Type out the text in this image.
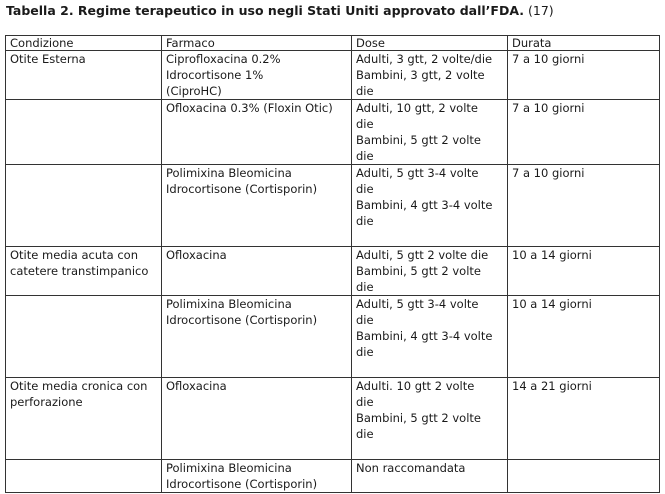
Tabella 2. Regime terapeutico in uso negli Stati Uniti approvato dall’FDA. (17)
Condizione	Farmaco	Dose	Durata

Otite Esterna	Ciprofloxacina 0.2%
Idrocortisone 1%
(CiproHC)	Adulti, 3 gtt, 2 volte/die
Bambini, 3 gtt, 2 volte
die	7 a 10 giorni

	Ofloxacina 0.3% (Floxin Otic)	Adulti, 10 gtt, 2 volte
die
Bambini, 5 gtt 2 volte
die	7 a 10 giorni

	Polimixina Bleomicina
Idrocortisone (Cortisporin)	Adulti, 5 gtt 3-4 volte
die
Bambini, 4 gtt 3-4 volte
die	7 a 10 giorni

Otite media acuta con
catetere transtimpanico	Ofloxacina	Adulti, 5 gtt 2 volte die
Bambini, 5 gtt 2 volte
die	10 a 14 giorni

	Polimixina Bleomicina
Idrocortisone (Cortisporin)	Adulti, 5 gtt 3-4 volte
die
Bambini, 4 gtt 3-4 volte
die	10 a 14 giorni

Otite media cronica con
perforazione	Ofloxacina	Adulti. 10 gtt 2 volte
die
Bambini, 5 gtt 2 volte
die	14 a 21 giorni

	Polimixina Bleomicina
Idrocortisone (Cortisporin)	Non raccomandata	
